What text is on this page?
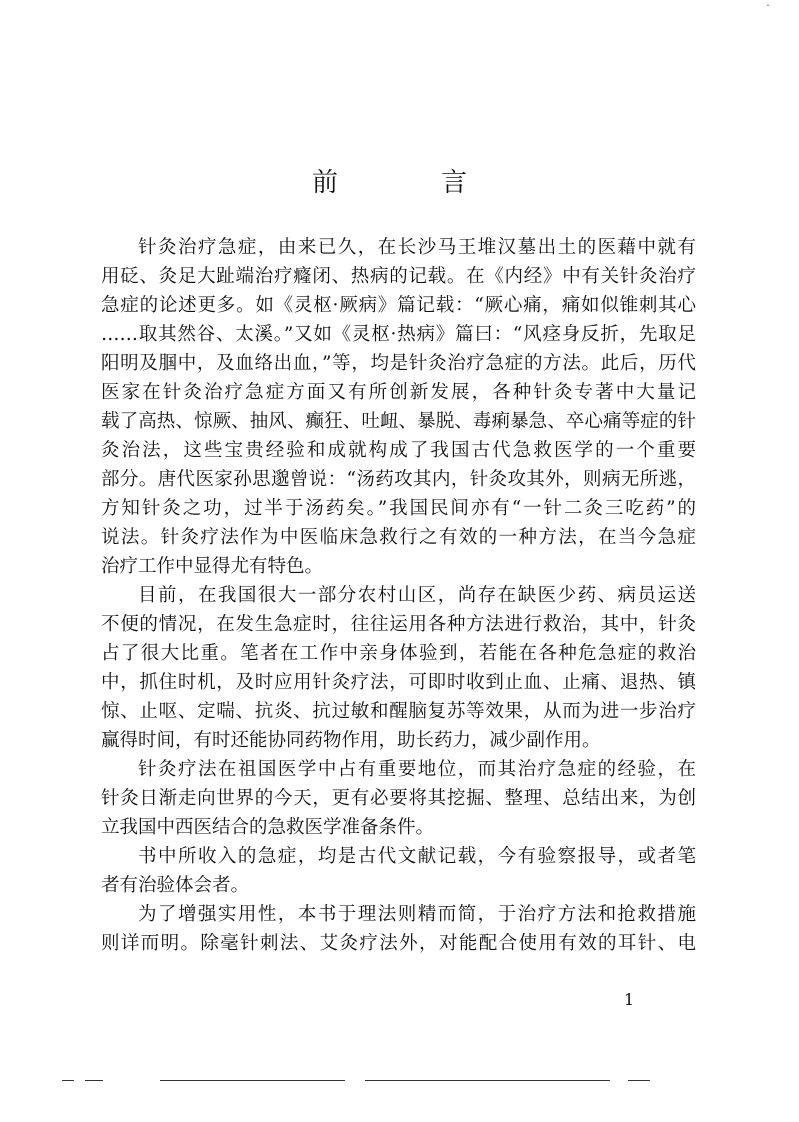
ˇ
前	言
针灸治疗急症，由来已久，在长沙马王堆汉墓出土的医藉中就有
用砭、灸足大趾端治疗癃闭、热病的记载。在《内经》中有关针灸治疗
急症的论述更多。如《灵枢·厥病》篇记载：“厥心痛，痛如似锥刺其心
……取其然谷、太溪。”又如《灵枢·热病》篇曰：“风痉身反折，先取足
阳明及腘中，及血络出血，”等，均是针灸治疗急症的方法。此后，历代
医家在针灸治疗急症方面又有所创新发展，各种针灸专著中大量记
载了高热、惊厥、抽风、癫狂、吐衄、暴脱、毒痢暴急、卒心痛等症的针
灸治法，这些宝贵经验和成就构成了我国古代急救医学的一个重要
部分。唐代医家孙思邈曾说：“汤药攻其内，针灸攻其外，则病无所逃，
方知针灸之功，过半于汤药矣。”我国民间亦有“一针二灸三吃药”的
说法。针灸疗法作为中医临床急救行之有效的一种方法，在当今急症
治疗工作中显得尤有特色。
目前，在我国很大一部分农村山区，尚存在缺医少药、病员运送
不便的情况，在发生急症时，往往运用各种方法进行救治，其中，针灸
占了很大比重。笔者在工作中亲身体验到，若能在各种危急症的救治
中，抓住时机，及时应用针灸疗法，可即时收到止血、止痛、退热、镇
惊、止呕、定喘、抗炎、抗过敏和醒脑复苏等效果，从而为进一步治疗
赢得时间，有时还能协同药物作用，助长药力，减少副作用。
针灸疗法在祖国医学中占有重要地位，而其治疗急症的经验，在
针灸日渐走向世界的今天，更有必要将其挖掘、整理、总结出来，为创
立我国中西医结合的急救医学准备条件。
书中所收入的急症，均是古代文献记载，今有验察报导，或者笔
者有治验体会者。
为了增强实用性，本书于理法则精而简，于治疗方法和抢救措施
则详而明。除毫针刺法、艾灸疗法外，对能配合使用有效的耳针、电
1
